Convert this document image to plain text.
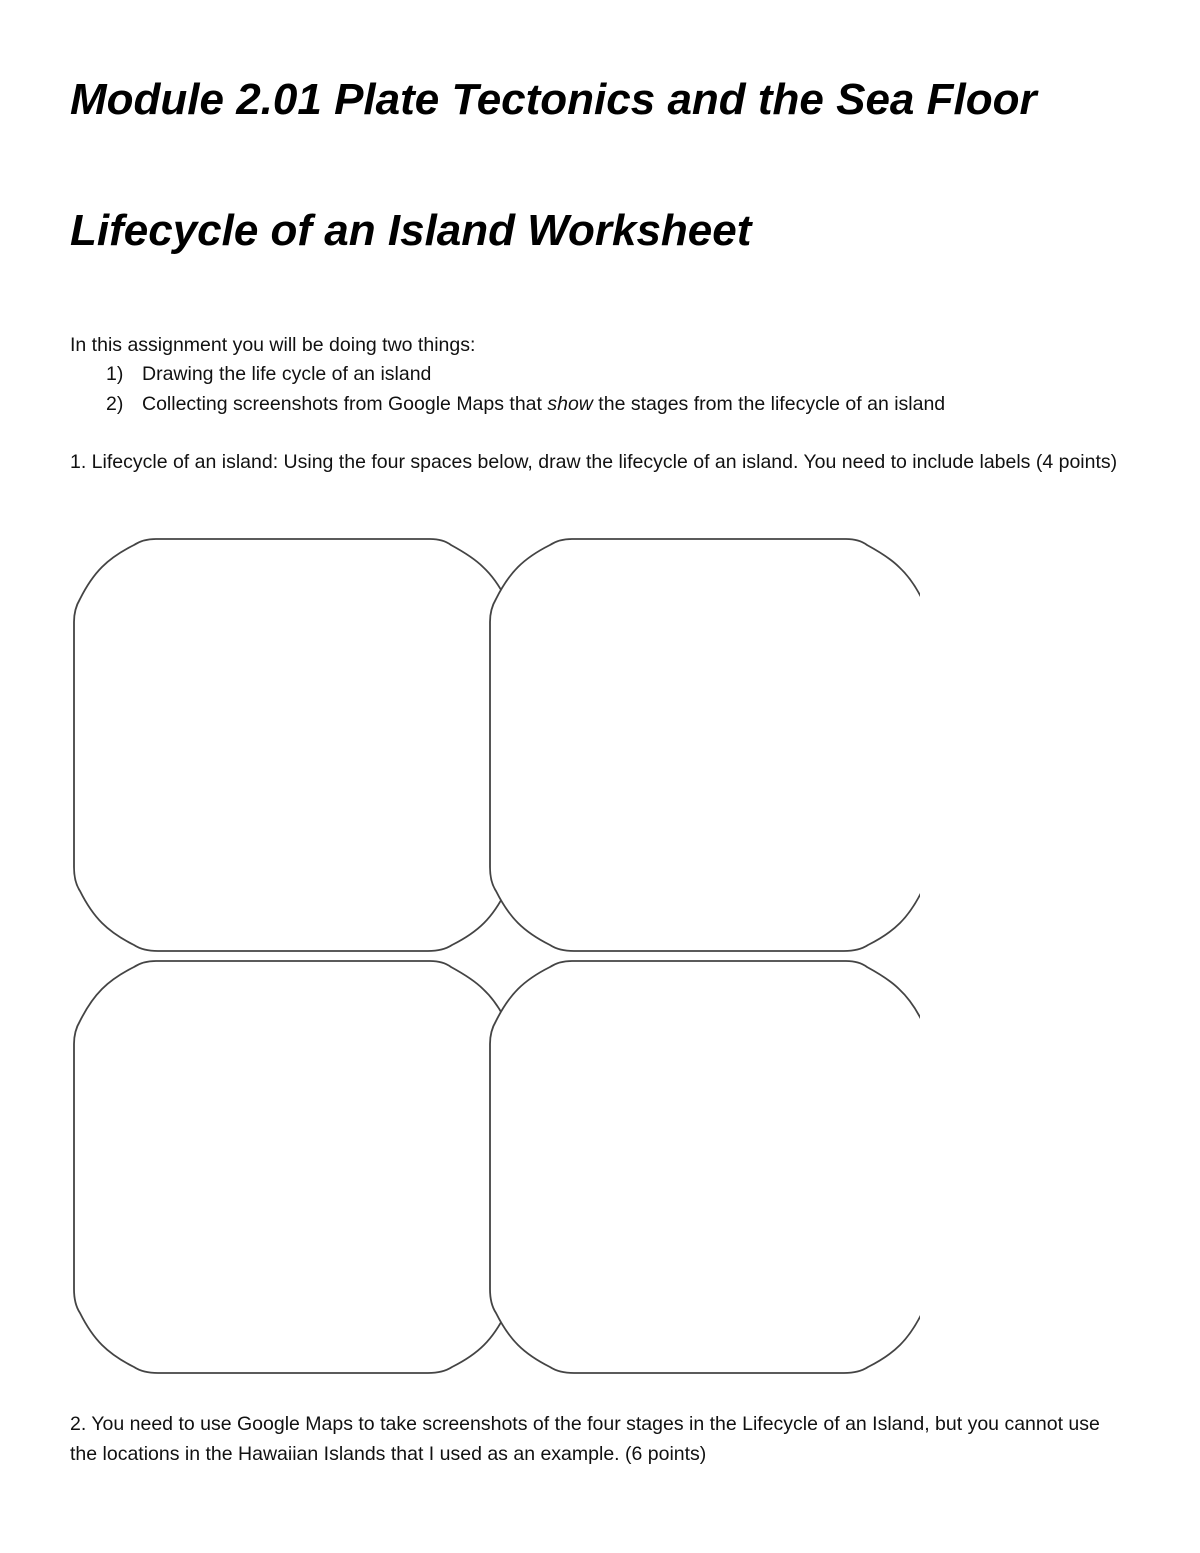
Module 2.01 Plate Tectonics and the Sea Floor
Lifecycle of an Island Worksheet
In this assignment you will be doing two things:
1) Drawing the life cycle of an island
2) Collecting screenshots from Google Maps that show the stages from the lifecycle of an island
1. Lifecycle of an island: Using the four spaces below, draw the lifecycle of an island. You need to include labels (4 points)
2. You need to use Google Maps to take screenshots of the four stages in the Lifecycle of an Island, but you cannot use the locations in the Hawaiian Islands that I used as an example. (6 points)
